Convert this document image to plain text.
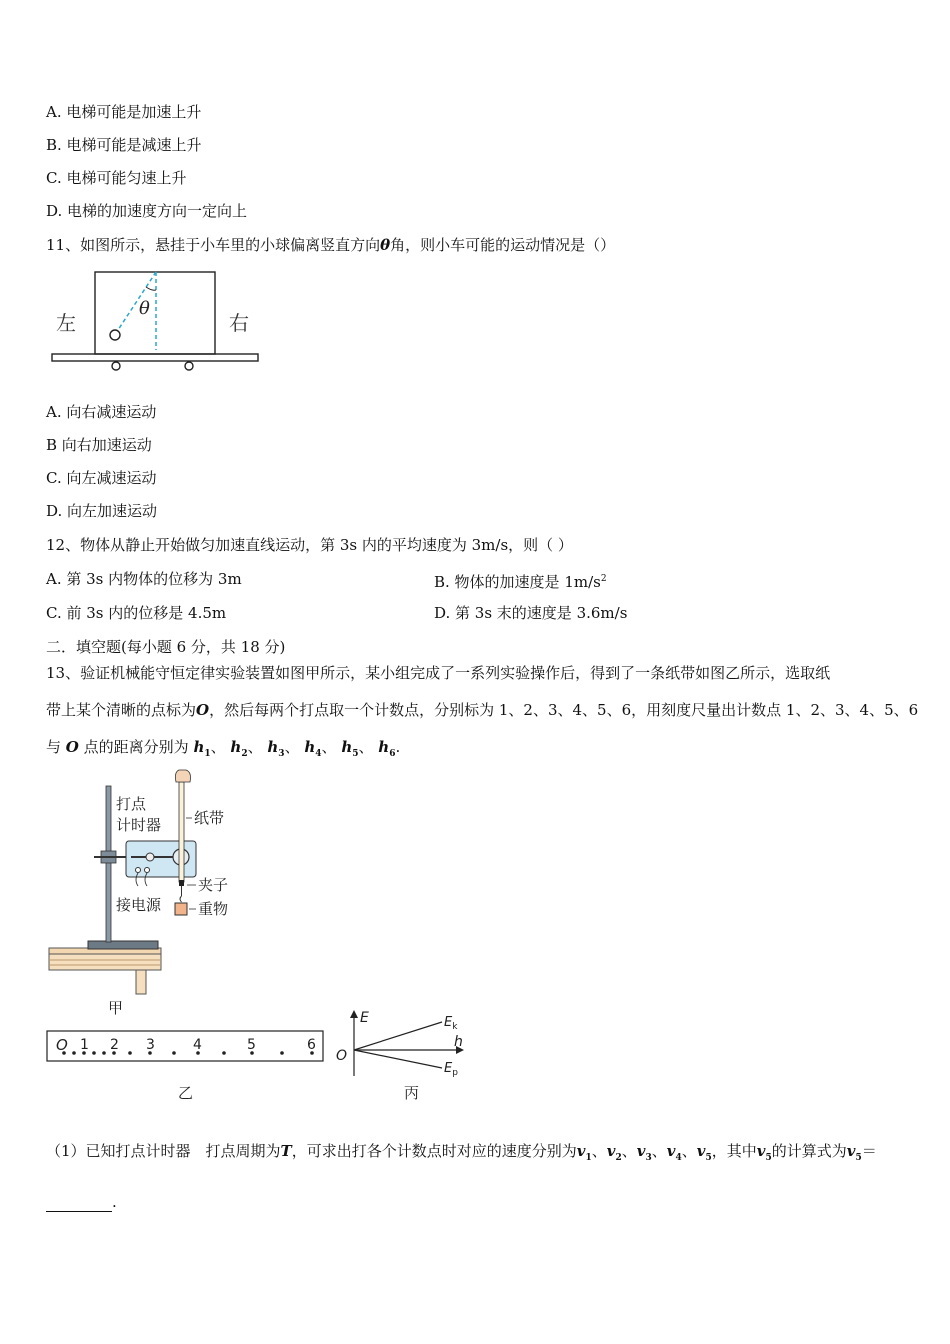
A. 电梯可能是加速上升
B. 电梯可能是减速上升
C. 电梯可能匀速上升
D. 电梯的加速度方向一定向上
11、如图所示，悬挂于小车里的小球偏离竖直方向θ角，则小车可能的运动情况是（）
左	右
θ
A. 向右减速运动
B 向右加速运动
C. 向左减速运动
D. 向左加速运动
12、物体从静止开始做匀加速直线运动，第 3s 内的平均速度为 3m/s，则（ ）
A. 第 3s 内物体的位移为 3m	B. 物体的加速度是 $1m/s^2$
C. 前 3s 内的位移是 4.5m	D. 第 3s 末的速度是 3.6m/s
二．填空题(每小题 6 分，共 18 分)
13、验证机械能守恒定律实验装置如图甲所示，某小组完成了一系列实验操作后，得到了一条纸带如图乙所示，选取纸
带上某个清晰的点标为O，然后每两个打点取一个计数点，分别标为 1、2、3、4、5、6，用刻度尺量出计数点 1、2、3、4、5、6
与 O 点的距离分别为 $h_1$、 $h_2$、 $h_3$、 $h_4$、 $h_5$、 $h_6$.
打点
计时器 纸带
夹子
接电源 重物
甲
O 1 2 3	4	5	6
乙
E
h
O
$E_k$
$E_p$
丙
（1）已知打点计时器　打点周期为T，可求出打各个计数点时对应的速度分别为$v_1$、$v_2$、$v_3$、$v_4$、$v_5$，其中$v_5$的计算式为$v_5=$
.
